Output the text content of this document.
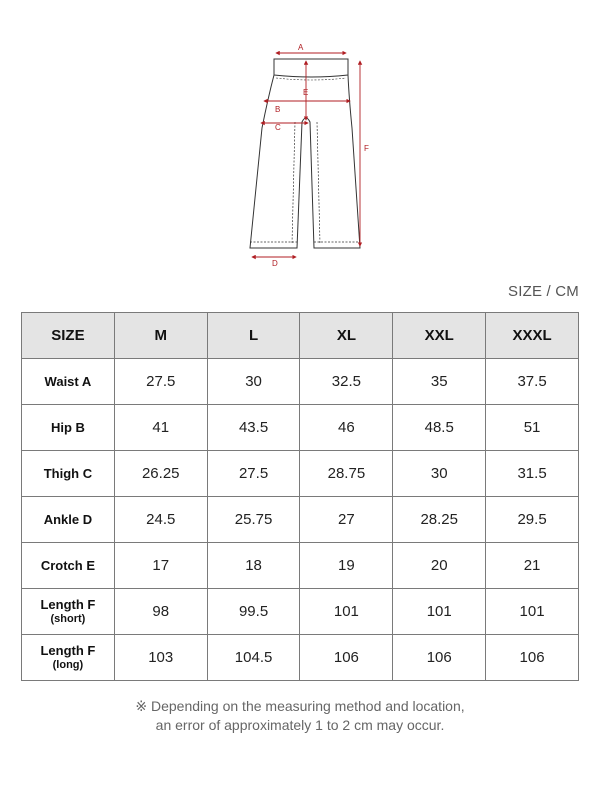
A
B
C
D
E
F
SIZE / CM
SIZE	M	L	XL	XXL	XXXL
Waist A	27.5	30	32.5	35	37.5
Hip B	41	43.5	46	48.5	51
Thigh C	26.25	27.5	28.75	30	31.5
Ankle D	24.5	25.75	27	28.25	29.5
Crotch E	17	18	19	20	21
Length F
(short)	98	99.5	101	101	101
Length F
(long)	103	104.5	106	106	106
※ Depending on the measuring method and location,
an error of approximately 1 to 2 cm may occur.
